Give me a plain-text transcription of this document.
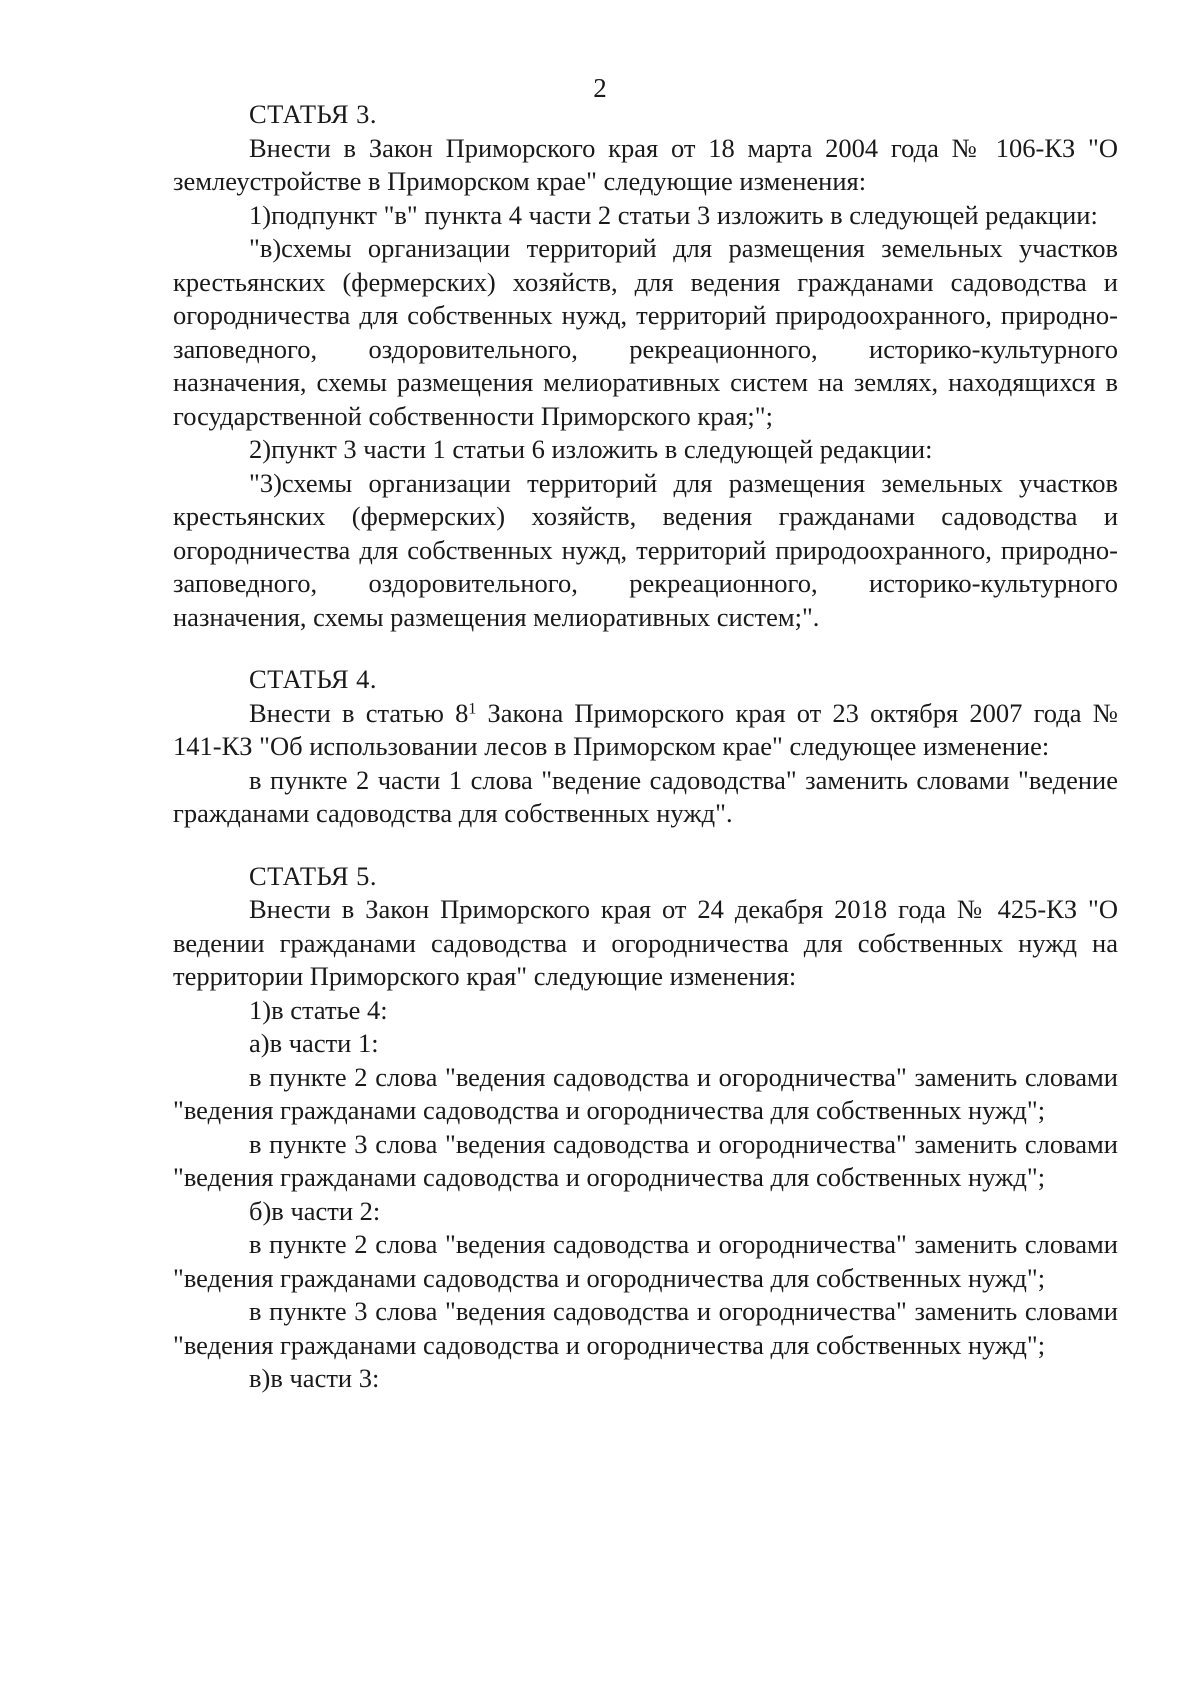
2

СТАТЬЯ 3.

Внести в Закон Приморского края от 18 марта 2004 года № 106-КЗ "О землеустройстве в Приморском крае" следующие изменения:

1)подпункт "в" пункта 4 части 2 статьи 3 изложить в следующей редакции:

"в)схемы организации территорий для размещения земельных участков крестьянских (фермерских) хозяйств, для ведения гражданами садоводства и огородничества для собственных нужд, территорий природоохранного, природно-заповедного, оздоровительного, рекреационного, историко-культурного назначения, схемы размещения мелиоративных систем на землях, находящихся в государственной собственности Приморского края;";

2)пункт 3 части 1 статьи 6 изложить в следующей редакции:

"3)схемы организации территорий для размещения земельных участков крестьянских (фермерских) хозяйств, ведения гражданами садоводства и огородничества для собственных нужд, территорий природоохранного, природно-заповедного, оздоровительного, рекреационного, историко-культурного назначения, схемы размещения мелиоративных систем;".

СТАТЬЯ 4.

Внести в статью $8^1$ Закона Приморского края от 23 октября 2007 года № 141-КЗ "Об использовании лесов в Приморском крае" следующее изменение:

в пункте 2 части 1 слова "ведение садоводства" заменить словами "ведение гражданами садоводства для собственных нужд".

СТАТЬЯ 5.

Внести в Закон Приморского края от 24 декабря 2018 года № 425-КЗ "О ведении гражданами садоводства и огородничества для собственных нужд на территории Приморского края" следующие изменения:

1)в статье 4:

а)в части 1:

в пункте 2 слова "ведения садоводства и огородничества" заменить словами "ведения гражданами садоводства и огородничества для собственных нужд";

в пункте 3 слова "ведения садоводства и огородничества" заменить словами "ведения гражданами садоводства и огородничества для собственных нужд";

б)в части 2:

в пункте 2 слова "ведения садоводства и огородничества" заменить словами "ведения гражданами садоводства и огородничества для собственных нужд";

в пункте 3 слова "ведения садоводства и огородничества" заменить словами "ведения гражданами садоводства и огородничества для собственных нужд";

в)в части 3:
